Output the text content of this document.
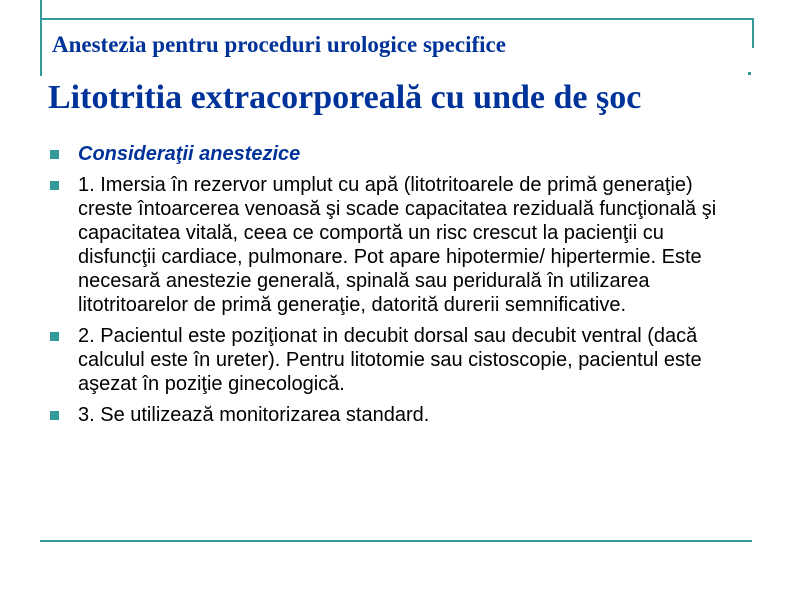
Anestezia pentru proceduri urologice specifice
Litotritia extracorporeală cu unde de şoc
Consideraţii anestezice
1. Imersia în rezervor umplut cu apă (litotritoarele de primă generaţie) creste întoarcerea venoasă şi scade capacitatea reziduală funcţională şi capacitatea vitală, ceea ce comportă un risc crescut la pacienţii cu disfuncţii cardiace, pulmonare. Pot apare hipotermie/ hipertermie. Este necesară anestezie generală, spinală sau peridurală în utilizarea litotritoarelor de primă generaţie, datorită durerii semnificative.
2. Pacientul este poziţionat in decubit dorsal sau decubit ventral (dacă calculul este în ureter). Pentru litotomie sau cistoscopie, pacientul este aşezat în poziţie ginecologică.
3. Se utilizează monitorizarea standard.
